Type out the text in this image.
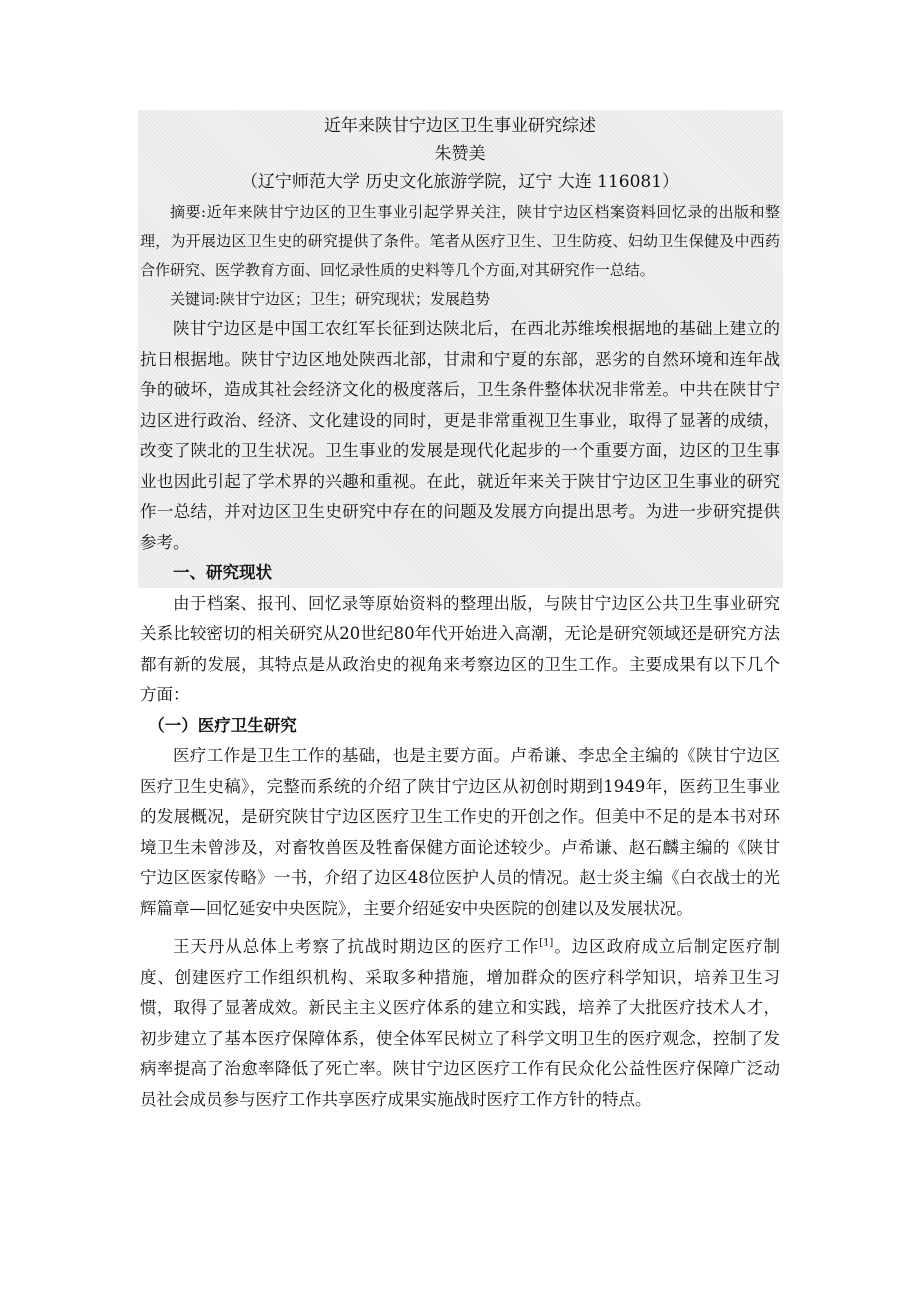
近年来陕甘宁边区卫生事业研究综述
朱赞美
（辽宁师范大学 历史文化旅游学院，辽宁 大连 116081）

摘要:近年来陕甘宁边区的卫生事业引起学界关注，陕甘宁边区档案资料回忆录的出版和整理，为开展边区卫生史的研究提供了条件。笔者从医疗卫生、卫生防疫、妇幼卫生保健及中西药合作研究、医学教育方面、回忆录性质的史料等几个方面,对其研究作一总结。

关键词:陕甘宁边区；卫生；研究现状；发展趋势

陕甘宁边区是中国工农红军长征到达陕北后，在西北苏维埃根据地的基础上建立的抗日根据地。陕甘宁边区地处陕西北部，甘肃和宁夏的东部，恶劣的自然环境和连年战争的破坏，造成其社会经济文化的极度落后，卫生条件整体状况非常差。中共在陕甘宁边区进行政治、经济、文化建设的同时，更是非常重视卫生事业，取得了显著的成绩，改变了陕北的卫生状况。卫生事业的发展是现代化起步的一个重要方面，边区的卫生事业也因此引起了学术界的兴趣和重视。在此，就近年来关于陕甘宁边区卫生事业的研究作一总结，并对边区卫生史研究中存在的问题及发展方向提出思考。为进一步研究提供参考。

一、研究现状

由于档案、报刊、回忆录等原始资料的整理出版，与陕甘宁边区公共卫生事业研究关系比较密切的相关研究从20世纪80年代开始进入高潮，无论是研究领域还是研究方法都有新的发展，其特点是从政治史的视角来考察边区的卫生工作。主要成果有以下几个方面：

（一）医疗卫生研究

医疗工作是卫生工作的基础，也是主要方面。卢希谦、李忠全主编的《陕甘宁边区医疗卫生史稿》，完整而系统的介绍了陕甘宁边区从初创时期到1949年，医药卫生事业的发展概况，是研究陕甘宁边区医疗卫生工作史的开创之作。但美中不足的是本书对环境卫生未曾涉及，对畜牧兽医及牲畜保健方面论述较少。卢希谦、赵石麟主编的《陕甘宁边区医家传略》一书，介绍了边区48位医护人员的情况。赵士炎主编《白衣战士的光辉篇章—回忆延安中央医院》，主要介绍延安中央医院的创建以及发展状况。

王天丹从总体上考察了抗战时期边区的医疗工作[1]。边区政府成立后制定医疗制度、创建医疗工作组织机构、采取多种措施，增加群众的医疗科学知识，培养卫生习惯，取得了显著成效。新民主主义医疗体系的建立和实践，培养了大批医疗技术人才，初步建立了基本医疗保障体系，使全体军民树立了科学文明卫生的医疗观念，控制了发病率提高了治愈率降低了死亡率。陕甘宁边区医疗工作有民众化公益性医疗保障广泛动员社会成员参与医疗工作共享医疗成果实施战时医疗工作方针的特点。
